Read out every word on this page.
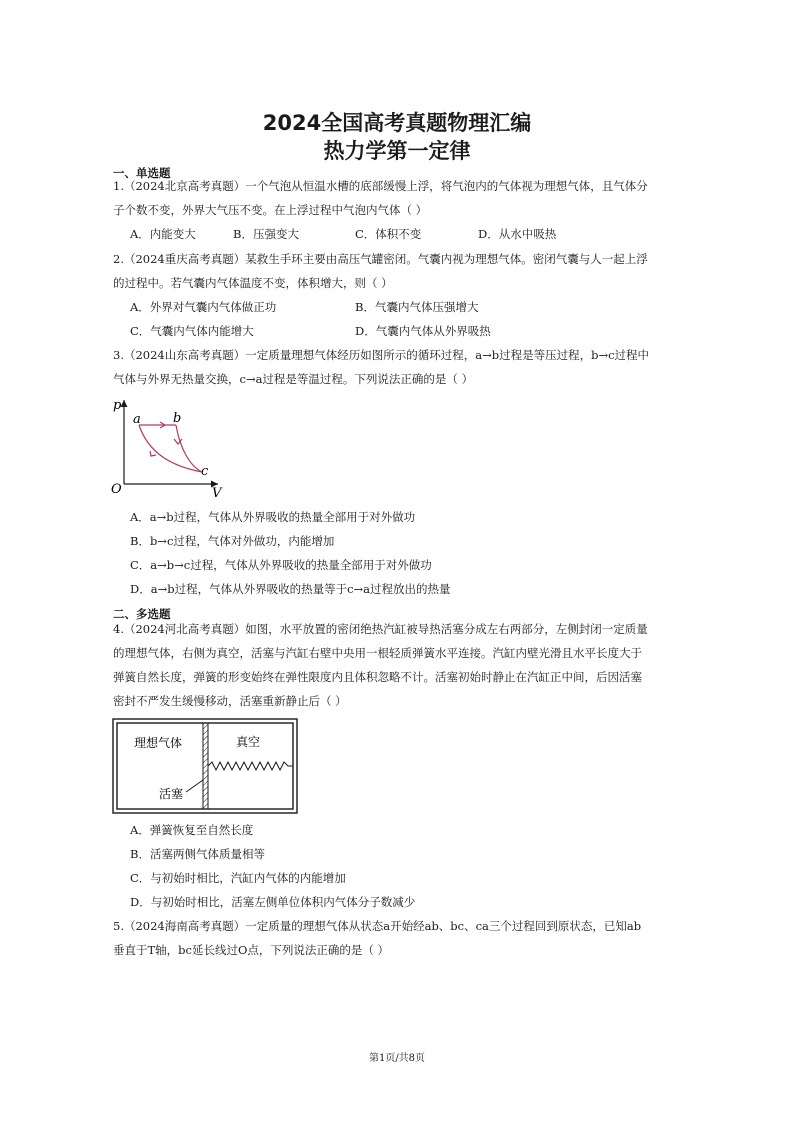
2024全国高考真题物理汇编
热力学第一定律
一、单选题
1.（2024北京高考真题）一个气泡从恒温水槽的底部缓慢上浮，将气泡内的气体视为理想气体，且气体分
子个数不变，外界大气压不变。在上浮过程中气泡内气体（ ）
A．内能变大	B．压强变大	C．体积不变	D．从水中吸热
2.（2024重庆高考真题）某救生手环主要由高压气罐密闭。气囊内视为理想气体。密闭气囊与人一起上浮
的过程中。若气囊内气体温度不变，体积增大，则（ ）
A．外界对气囊内气体做正功	B．气囊内气体压强增大
C．气囊内气体内能增大	D．气囊内气体从外界吸热
3.（2024山东高考真题）一定质量理想气体经历如图所示的循环过程，a→b过程是等压过程，b→c过程中
气体与外界无热量交换，c→a过程是等温过程。下列说法正确的是（ ）
p
V
O
a b
c
A．a→b过程，气体从外界吸收的热量全部用于对外做功
B．b→c过程，气体对外做功，内能增加
C．a→b→c过程，气体从外界吸收的热量全部用于对外做功
D．a→b过程，气体从外界吸收的热量等于c→a过程放出的热量
二、多选题
4.（2024河北高考真题）如图，水平放置的密闭绝热汽缸被导热活塞分成左右两部分，左侧封闭一定质量
的理想气体，右侧为真空，活塞与汽缸右壁中央用一根轻质弹簧水平连接。汽缸内壁光滑且水平长度大于
弹簧自然长度，弹簧的形变始终在弹性限度内且体积忽略不计。活塞初始时静止在汽缸正中间，后因活塞
密封不严发生缓慢移动，活塞重新静止后（ ）
理想气体	真空
活塞
A．弹簧恢复至自然长度
B．活塞两侧气体质量相等
C．与初始时相比，汽缸内气体的内能增加
D．与初始时相比，活塞左侧单位体积内气体分子数减少
5.（2024海南高考真题）一定质量的理想气体从状态a开始经ab、bc、ca三个过程回到原状态，已知ab
垂直于T轴，bc延长线过O点，下列说法正确的是（ ）
第1页/共8页
